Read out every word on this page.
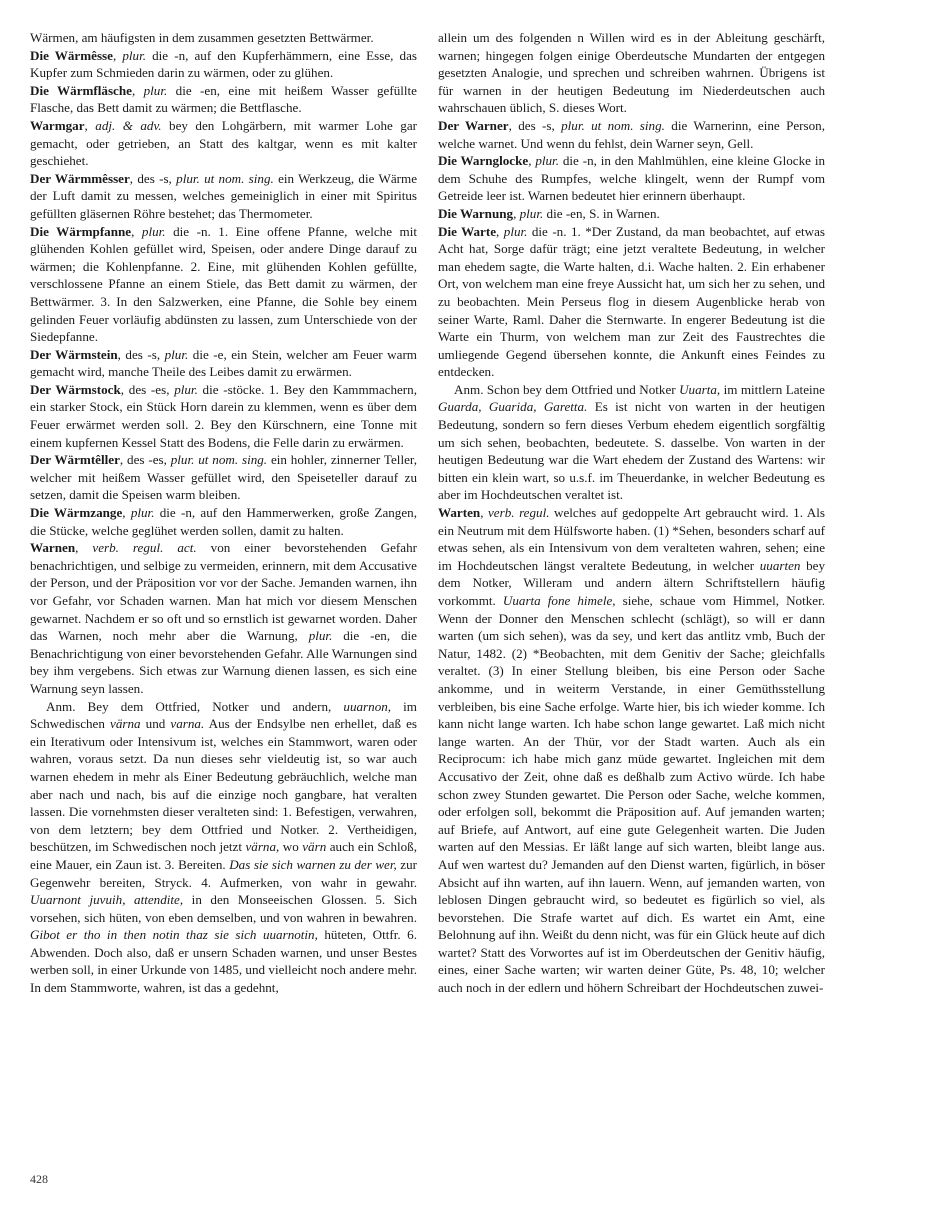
Wärmen, am häufigsten in dem zusammen gesetzten Bettwärmer.

Die Wärmêsse, plur. die -n, auf den Kupferhämmern, eine Esse, das Kupfer zum Schmieden darin zu wärmen, oder zu glühen.

Die Wärmfläsche, plur. die -en, eine mit heißem Wasser gefüllte Flasche, das Bett damit zu wärmen; die Bettflasche.

Warmgar, adj. & adv. bey den Lohgärbern, mit warmer Lohe gar gemacht, oder getrieben, an Statt des kaltgar, wenn es mit kalter geschiehet.

Der Wärmmêsser, des -s, plur. ut nom. sing. ein Werkzeug, die Wärme der Luft damit zu messen, welches gemeiniglich in einer mit Spiritus gefüllten gläsernen Röhre bestehet; das Thermometer.

Die Wärmpfanne, plur. die -n. 1. Eine offene Pfanne, welche mit glühenden Kohlen gefüllet wird, Speisen, oder andere Dinge darauf zu wärmen; die Kohlenpfanne. 2. Eine, mit glühenden Kohlen gefüllte, verschlossene Pfanne an einem Stiele, das Bett damit zu wärmen, der Bettwärmer. 3. In den Salzwerken, eine Pfanne, die Sohle bey einem gelinden Feuer vorläufig abdünsten zu lassen, zum Unterschiede von der Siedepfanne.

Der Wärmstein, des -s, plur. die -e, ein Stein, welcher am Feuer warm gemacht wird, manche Theile des Leibes damit zu erwärmen.

Der Wärmstock, des -es, plur. die -stöcke. 1. Bey den Kammmachern, ein starker Stock, ein Stück Horn darein zu klemmen, wenn es über dem Feuer erwärmet werden soll. 2. Bey den Kürschnern, eine Tonne mit einem kupfernen Kessel Statt des Bodens, die Felle darin zu erwärmen.

Der Wärmtêller, des -es, plur. ut nom. sing. ein hohler, zinnerner Teller, welcher mit heißem Wasser gefüllet wird, den Speiseteller darauf zu setzen, damit die Speisen warm bleiben.

Die Wärmzange, plur. die -n, auf den Hammerwerken, große Zangen, die Stücke, welche geglühet werden sollen, damit zu halten.

Warnen, verb. regul. act. von einer bevorstehenden Gefahr benachrichtigen, und selbige zu vermeiden, erinnern, mit dem Accusative der Person, und der Präposition vor vor der Sache. Jemanden warnen, ihn vor Gefahr, vor Schaden warnen. Man hat mich vor diesem Menschen gewarnet. Nachdem er so oft und so ernstlich ist gewarnet worden. Daher das Warnen, noch mehr aber die Warnung, plur. die -en, die Benachrichtigung von einer bevorstehenden Gefahr. Alle Warnungen sind bey ihm vergebens. Sich etwas zur Warnung dienen lassen, es sich eine Warnung seyn lassen.

Anm. Bey dem Ottfried, Notker und andern, uuarnon, im Schwedischen värna und varna. Aus der Endsylbe nen erhellet, daß es ein Iterativum oder Intensivum ist, welches ein Stammwort, waren oder wahren, voraus setzt. Da nun dieses sehr vieldeutig ist, so war auch warnen ehedem in mehr als Einer Bedeutung gebräuchlich, welche man aber nach und nach, bis auf die einzige noch gangbare, hat veralten lassen. Die vornehmsten dieser veralteten sind: 1. Befestigen, verwahren, von dem letztern; bey dem Ottfried und Notker. 2. Vertheidigen, beschützen, im Schwedischen noch jetzt värna, wo värn auch ein Schloß, eine Mauer, ein Zaun ist. 3. Bereiten. Das sie sich warnen zu der wer, zur Gegenwehr bereiten, Stryck. 4. Aufmerken, von wahr in gewahr. Uuarnont juvuih, attendite, in den Monseeischen Glossen. 5. Sich vorsehen, sich hüten, von eben demselben, und von wahren in bewahren. Gibot er tho in then notin thaz sie sich uuarnotin, hüteten, Ottfr. 6. Abwenden. Doch also, daß er unsern Schaden warnen, und unser Bestes werben soll, in einer Urkunde von 1485, und vielleicht noch andere mehr. In dem Stammworte, wahren, ist das a gedehnt,

allein um des folgenden n Willen wird es in der Ableitung geschärft, warnen; hingegen folgen einige Oberdeutsche Mundarten der entgegen gesetzten Analogie, und sprechen und schreiben wahrnen. Übrigens ist für warnen in der heutigen Bedeutung im Niederdeutschen auch wahrschauen üblich, S. dieses Wort.

Der Warner, des -s, plur. ut nom. sing. die Warnerinn, eine Person, welche warnet. Und wenn du fehlst, dein Warner seyn, Gell.

Die Warnglocke, plur. die -n, in den Mahlmühlen, eine kleine Glocke in dem Schuhe des Rumpfes, welche klingelt, wenn der Rumpf vom Getreide leer ist. Warnen bedeutet hier erinnern überhaupt.

Die Warnung, plur. die -en, S. in Warnen.

Die Warte, plur. die -n. 1. *Der Zustand, da man beobachtet, auf etwas Acht hat, Sorge dafür trägt; eine jetzt veraltete Bedeutung, in welcher man ehedem sagte, die Warte halten, d.i. Wache halten. 2. Ein erhabener Ort, von welchem man eine freye Aussicht hat, um sich her zu sehen, und zu beobachten. Mein Perseus flog in diesem Augenblicke herab von seiner Warte, Raml. Daher die Sternwarte. In engerer Bedeutung ist die Warte ein Thurm, von welchem man zur Zeit des Faustrechtes die umliegende Gegend übersehen konnte, die Ankunft eines Feindes zu entdecken.

Anm. Schon bey dem Ottfried und Notker Uuarta, im mittlern Lateine Guarda, Guarida, Garetta. Es ist nicht von warten in der heutigen Bedeutung, sondern so fern dieses Verbum ehedem eigentlich sorgfältig um sich sehen, beobachten, bedeutete. S. dasselbe. Von warten in der heutigen Bedeutung war die Wart ehedem der Zustand des Wartens: wir bitten ein klein wart, so u.s.f. im Theuerdanke, in welcher Bedeutung es aber im Hochdeutschen veraltet ist.

Warten, verb. regul. welches auf gedoppelte Art gebraucht wird. 1. Als ein Neutrum mit dem Hülfsworte haben. (1) *Sehen, besonders scharf auf etwas sehen, als ein Intensivum von dem veralteten wahren, sehen; eine im Hochdeutschen längst veraltete Bedeutung, in welcher uuarten bey dem Notker, Willeram und andern ältern Schriftstellern häufig vorkommt. Uuarta fone himele, siehe, schaue vom Himmel, Notker. Wenn der Donner den Menschen schlecht (schlägt), so will er dann warten (um sich sehen), was da sey, und kert das antlitz vmb, Buch der Natur, 1482. (2) *Beobachten, mit dem Genitiv der Sache; gleichfalls veraltet. (3) In einer Stellung bleiben, bis eine Person oder Sache ankomme, und in weiterm Verstande, in einer Gemüthsstellung verbleiben, bis eine Sache erfolge. Warte hier, bis ich wieder komme. Ich kann nicht lange warten. Ich habe schon lange gewartet. Laß mich nicht lange warten. An der Thür, vor der Stadt warten. Auch als ein Reciprocum: ich habe mich ganz müde gewartet. Ingleichen mit dem Accusativo der Zeit, ohne daß es deßhalb zum Activo würde. Ich habe schon zwey Stunden gewartet. Die Person oder Sache, welche kommen, oder erfolgen soll, bekommt die Präposition auf. Auf jemanden warten; auf Briefe, auf Antwort, auf eine gute Gelegenheit warten. Die Juden warten auf den Messias. Er läßt lange auf sich warten, bleibt lange aus. Auf wen wartest du? Jemanden auf den Dienst warten, figürlich, in böser Absicht auf ihn warten, auf ihn lauern. Wenn, auf jemanden warten, von leblosen Dingen gebraucht wird, so bedeutet es figürlich so viel, als bevorstehen. Die Strafe wartet auf dich. Es wartet ein Amt, eine Belohnung auf ihn. Weißt du denn nicht, was für ein Glück heute auf dich wartet? Statt des Vorwortes auf ist im Oberdeutschen der Genitiv häufig, eines, einer Sache warten; wir warten deiner Güte, Ps. 48, 10; welcher auch noch in der edlern und höhern Schreibart der Hochdeutschen zuwei-

428
